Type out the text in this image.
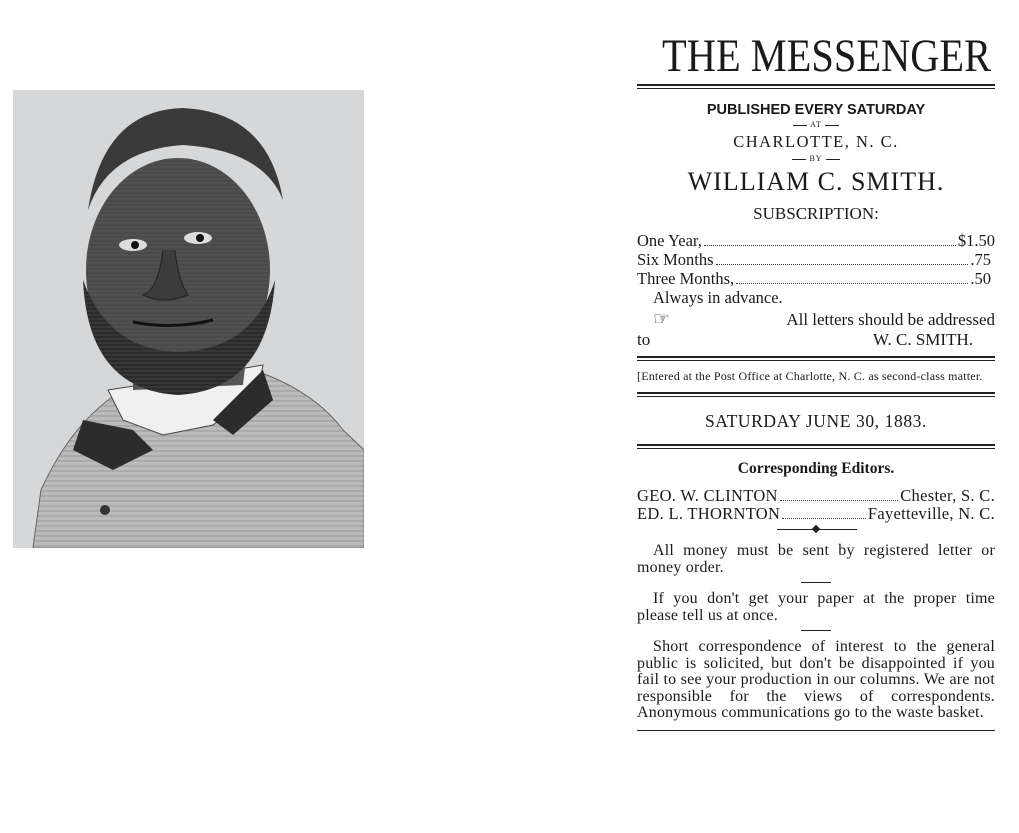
THE MESSENGER
PUBLISHED EVERY SATURDAY
AT
CHARLOTTE, N. C.
BY
WILLIAM C. SMITH.
SUBSCRIPTION:
One Year,	$1.50
Six Months	.75
Three Months,	.50
Always in advance.
☞	All letters should be addressed
to	W. C. SMITH.
[Entered at the Post Office at Charlotte, N. C. as second-class matter.
SATURDAY JUNE 30, 1883.
Corresponding Editors.
GEO. W. CLINTON	Chester, S. C.
ED. L. THORNTON	Fayetteville, N. C.
All money must be sent by registered letter or money order.
If you don't get your paper at the proper time please tell us at once.
Short correspondence of interest to the general public is solicited, but don't be disappointed if you fail to see your production in our columns. We are not responsible for the views of correspondents. Anonymous communications go to the waste basket.
